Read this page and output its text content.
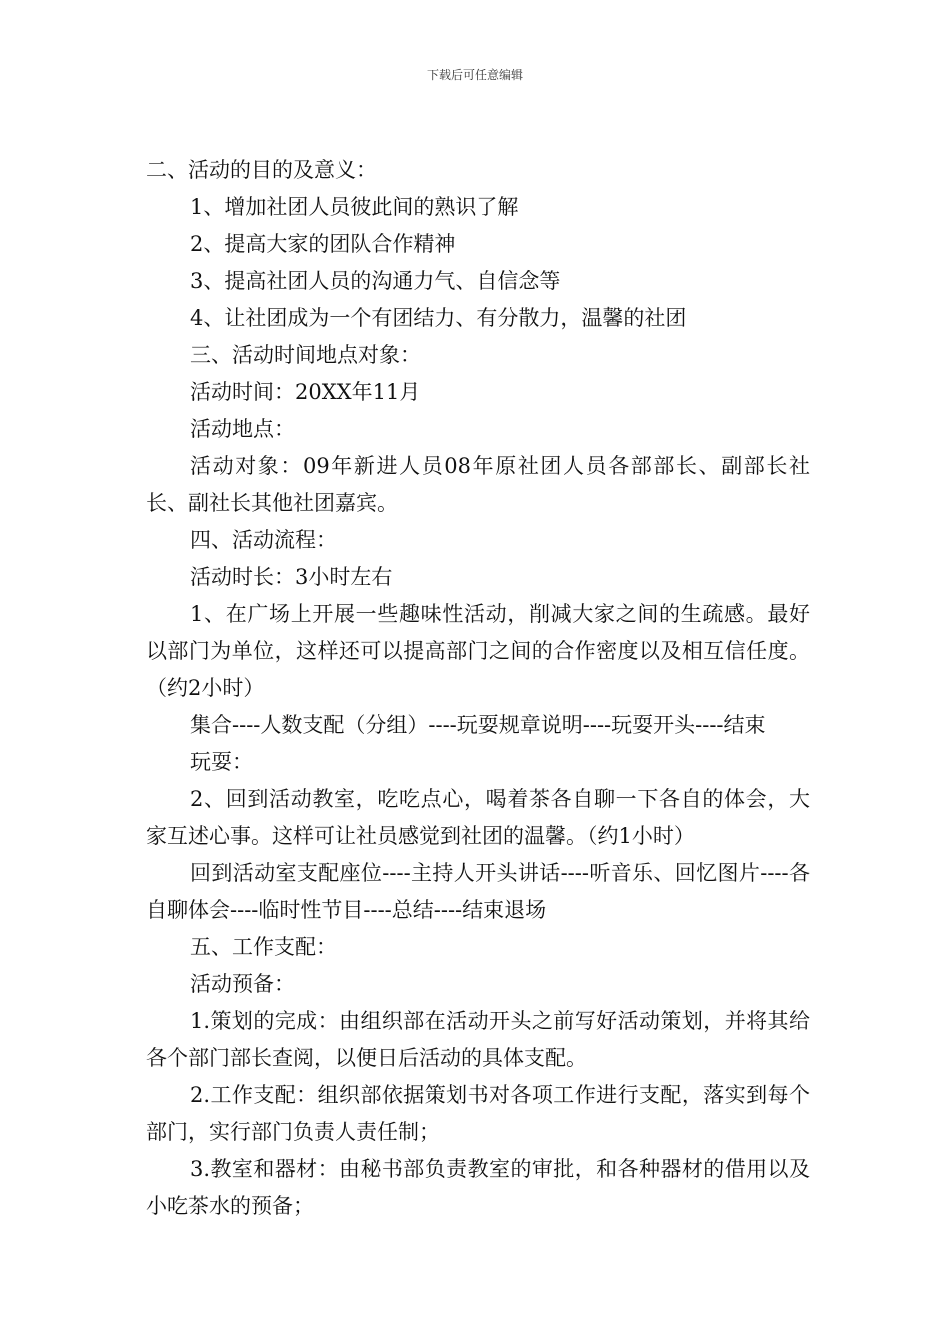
下载后可任意编辑

二、活动的目的及意义：

1、增加社团人员彼此间的熟识了解

2、提高大家的团队合作精神

3、提高社团人员的沟通力气、自信念等

4、让社团成为一个有团结力、有分散力，温馨的社团

三、活动时间地点对象：

活动时间：20XX年11月

活动地点：

活动对象：09年新进人员08年原社团人员各部部长、副部长社长、副社长其他社团嘉宾。

四、活动流程：

活动时长：3小时左右

1、在广场上开展一些趣味性活动，削减大家之间的生疏感。最好以部门为单位，这样还可以提高部门之间的合作密度以及相互信任度。（约2小时）

集合----人数支配（分组）----玩耍规章说明----玩耍开头----结束

玩耍：

2、回到活动教室，吃吃点心，喝着茶各自聊一下各自的体会，大家互述心事。这样可让社员感觉到社团的温馨。（约1小时）

回到活动室支配座位----主持人开头讲话----听音乐、回忆图片----各自聊体会----临时性节目----总结----结束退场

五、工作支配：

活动预备：

1.策划的完成：由组织部在活动开头之前写好活动策划，并将其给各个部门部长查阅，以便日后活动的具体支配。

2.工作支配：组织部依据策划书对各项工作进行支配，落实到每个部门，实行部门负责人责任制；

3.教室和器材：由秘书部负责教室的审批，和各种器材的借用以及小吃茶水的预备；
